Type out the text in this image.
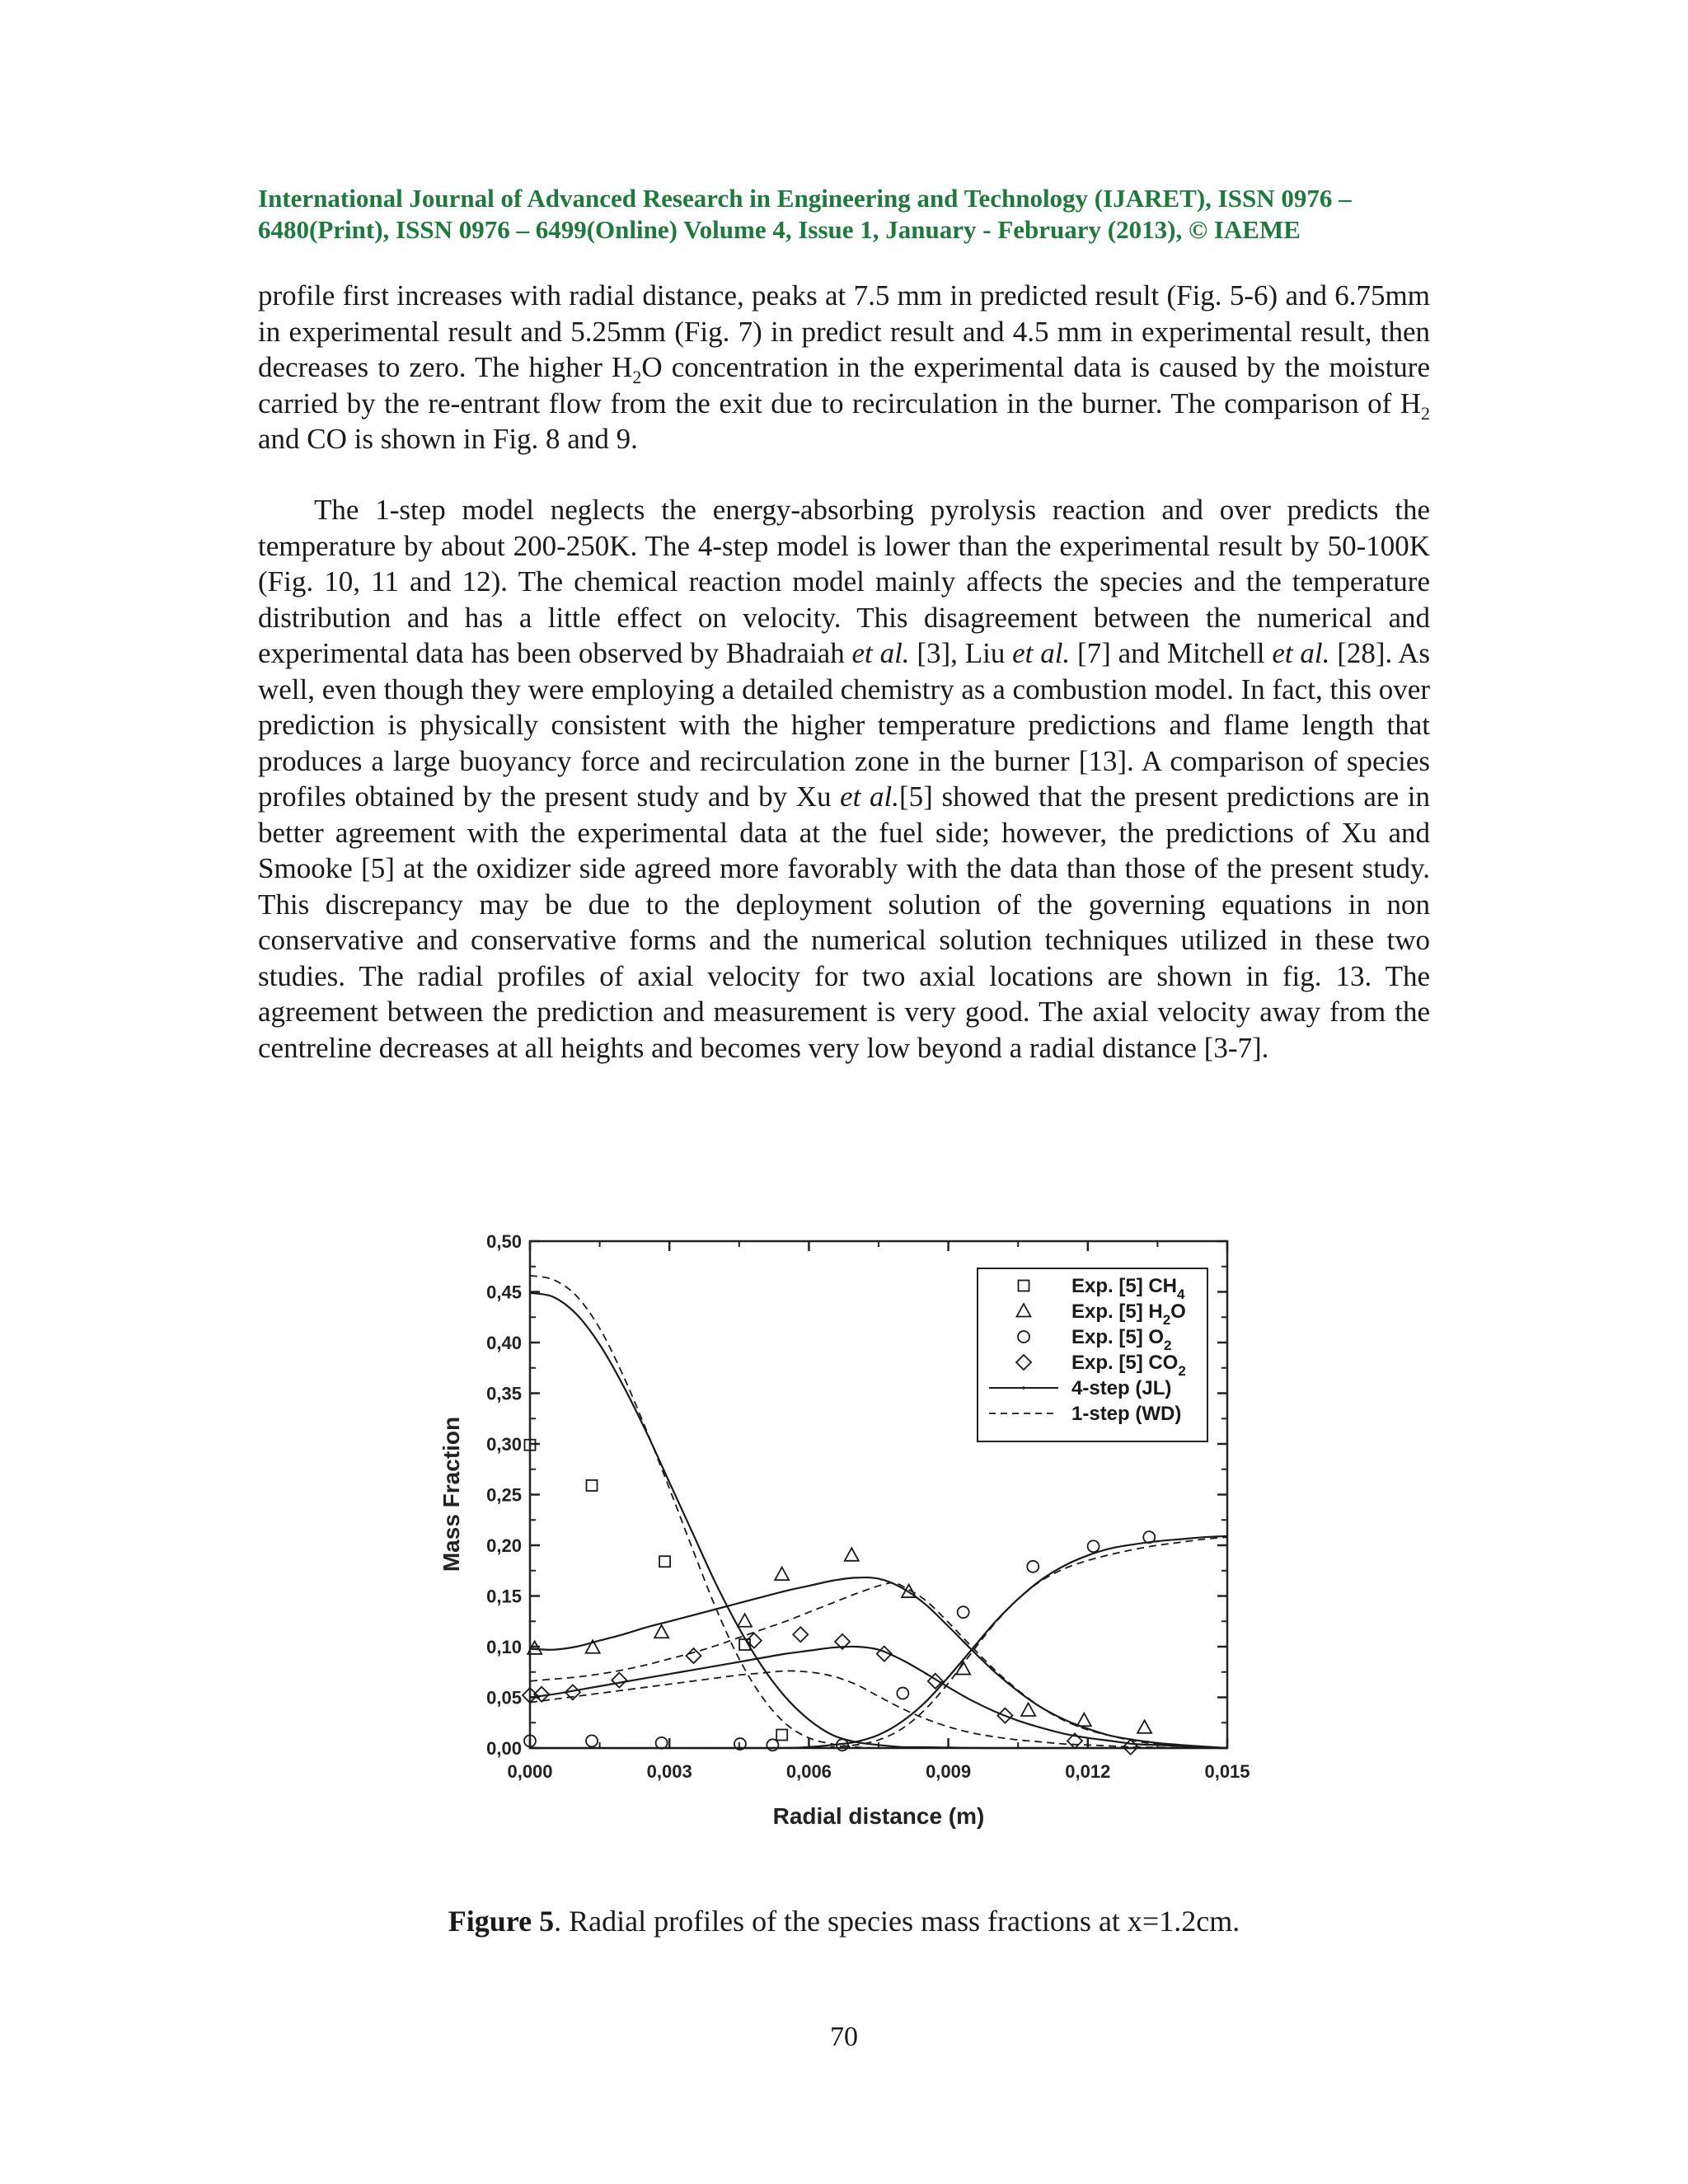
International Journal of Advanced Research in Engineering and Technology (IJARET), ISSN 0976 –
6480(Print), ISSN 0976 – 6499(Online) Volume 4, Issue 1, January - February (2013), © IAEME
profile first increases with radial distance, peaks at 7.5 mm in predicted result (Fig. 5-6) and 6.75mm in experimental result and 5.25mm (Fig. 7) in predict result and 4.5 mm in experimental result, then decreases to zero. The higher $H_2O$ concentration in the experimental data is caused by the moisture carried by the re-entrant flow from the exit due to recirculation in the burner. The comparison of $H_2$ and CO is shown in Fig. 8 and 9.
The 1-step model neglects the energy-absorbing pyrolysis reaction and over predicts the temperature by about 200-250K. The 4-step model is lower than the experimental result by 50-100K (Fig. 10, 11 and 12). The chemical reaction model mainly affects the species and the temperature distribution and has a little effect on velocity. This disagreement between the numerical and experimental data has been observed by Bhadraiah et al. [3], Liu et al. [7] and Mitchell et al. [28]. As well, even though they were employing a detailed chemistry as a combustion model. In fact, this over prediction is physically consistent with the higher temperature predictions and flame length that produces a large buoyancy force and recirculation zone in the burner [13]. A comparison of species profiles obtained by the present study and by Xu et al.[5] showed that the present predictions are in better agreement with the experimental data at the fuel side; however, the predictions of Xu and Smooke [5] at the oxidizer side agreed more favorably with the data than those of the present study. This discrepancy may be due to the deployment solution of the governing equations in non conservative and conservative forms and the numerical solution techniques utilized in these two studies. The radial profiles of axial velocity for two axial locations are shown in fig. 13. The agreement between the prediction and measurement is very good. The axial velocity away from the centreline decreases at all heights and becomes very low beyond a radial distance [3-7].
0,000	0,003	0,006	0,009	0,012	0,015
0,00
0,05
0,10
0,15
0,20
0,25
0,30
0,35
0,40
0,45
0,50
Mass Fraction
Radial distance (m)
Exp. [5] $CH_4$
Exp. [5] $H_2O$
Exp. [5] $O_2$
Exp. [5] $CO_2$
4-step (JL)
1-step (WD)
Figure 5. Radial profiles of the species mass fractions at x=1.2cm.
70
